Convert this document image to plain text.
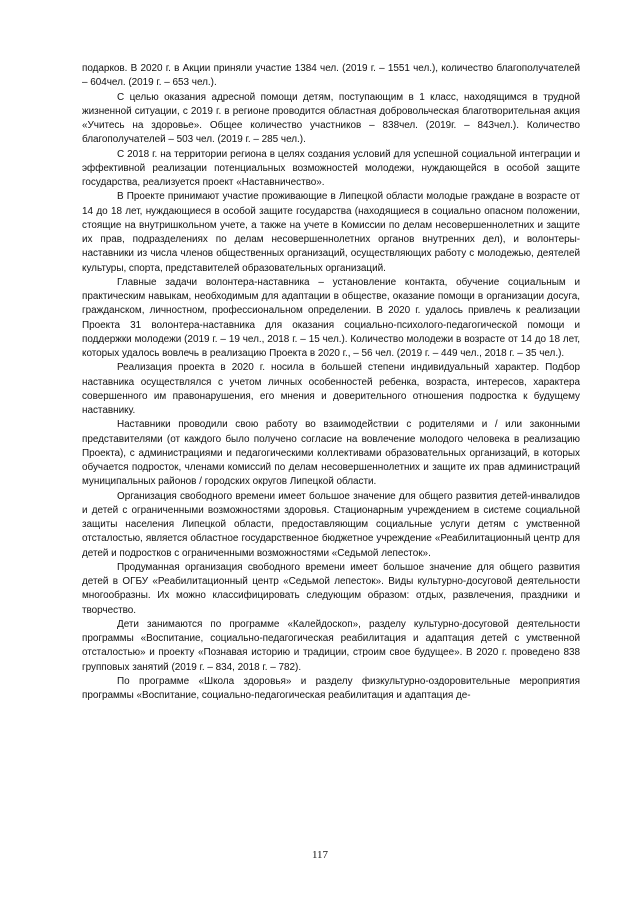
подарков. В 2020 г. в Акции приняли участие 1384 чел. (2019 г. – 1551 чел.), количество благополучателей – 604чел. (2019 г. – 653 чел.).

С целью оказания адресной помощи детям, поступающим в 1 класс, находящимся в трудной жизненной ситуации, с 2019 г. в регионе проводится областная добровольческая благотворительная акция «Учитесь на здоровье». Общее количество участников – 838чел. (2019г. – 843чел.). Количество благополучателей – 503 чел. (2019 г. – 285 чел.).

С 2018 г. на территории региона в целях создания условий для успешной социальной интеграции и эффективной реализации потенциальных возможностей молодежи, нуждающейся в особой защите государства, реализуется проект «Наставничество».

В Проекте принимают участие проживающие в Липецкой области молодые граждане в возрасте от 14 до 18 лет, нуждающиеся в особой защите государства (находящиеся в социально опасном положении, стоящие на внутришкольном учете, а также на учете в Комиссии по делам несовершеннолетних и защите их прав, подразделениях по делам несовершеннолетних органов внутренних дел), и волонтеры-наставники из числа членов общественных организаций, осуществляющих работу с молодежью, деятелей культуры, спорта, представителей образовательных организаций.

Главные задачи волонтера-наставника – установление контакта, обучение социальным и практическим навыкам, необходимым для адаптации в обществе, оказание помощи в организации досуга, гражданском, личностном, профессиональном определении. В 2020 г. удалось привлечь к реализации Проекта 31 волонтера-наставника для оказания социально-психолого-педагогической помощи и поддержки молодежи (2019 г. – 19 чел., 2018 г. – 15 чел.). Количество молодежи в возрасте от 14 до 18 лет, которых удалось вовлечь в реализацию Проекта в 2020 г., – 56 чел. (2019 г. – 449 чел., 2018 г. – 35 чел.).

Реализация проекта в 2020 г. носила в большей степени индивидуальный характер. Подбор наставника осуществлялся с учетом личных особенностей ребенка, возраста, интересов, характера совершенного им правонарушения, его мнения и доверительного отношения подростка к будущему наставнику.

Наставники проводили свою работу во взаимодействии с родителями и / или законными представителями (от каждого было получено согласие на вовлечение молодого человека в реализацию Проекта), с администрациями и педагогическими коллективами образовательных организаций, в которых обучается подросток, членами комиссий по делам несовершеннолетних и защите их прав администраций муниципальных районов / городских округов Липецкой области.

Организация свободного времени имеет большое значение для общего развития детей-инвалидов и детей с ограниченными возможностями здоровья. Стационарным учреждением в системе социальной защиты населения Липецкой области, предоставляющим социальные услуги детям с умственной отсталостью, является областное государственное бюджетное учреждение «Реабилитационный центр для детей и подростков с ограниченными возможностями «Седьмой лепесток».

Продуманная организация свободного времени имеет большое значение для общего развития детей в ОГБУ «Реабилитационный центр «Седьмой лепесток». Виды культурно-досуговой деятельности многообразны. Их можно классифицировать следующим образом: отдых, развлечения, праздники и творчество.

Дети занимаются по программе «Калейдоскоп», разделу культурно-досуговой деятельности программы «Воспитание, социально-педагогическая реабилитация и адаптация детей с умственной отсталостью» и проекту «Познавая историю и традиции, строим свое будущее». В 2020 г. проведено 838 групповых занятий (2019 г. – 834, 2018 г. – 782).

По программе «Школа здоровья» и разделу физкультурно-оздоровительные мероприятия программы «Воспитание, социально-педагогическая реабилитация и адаптация де-

117
